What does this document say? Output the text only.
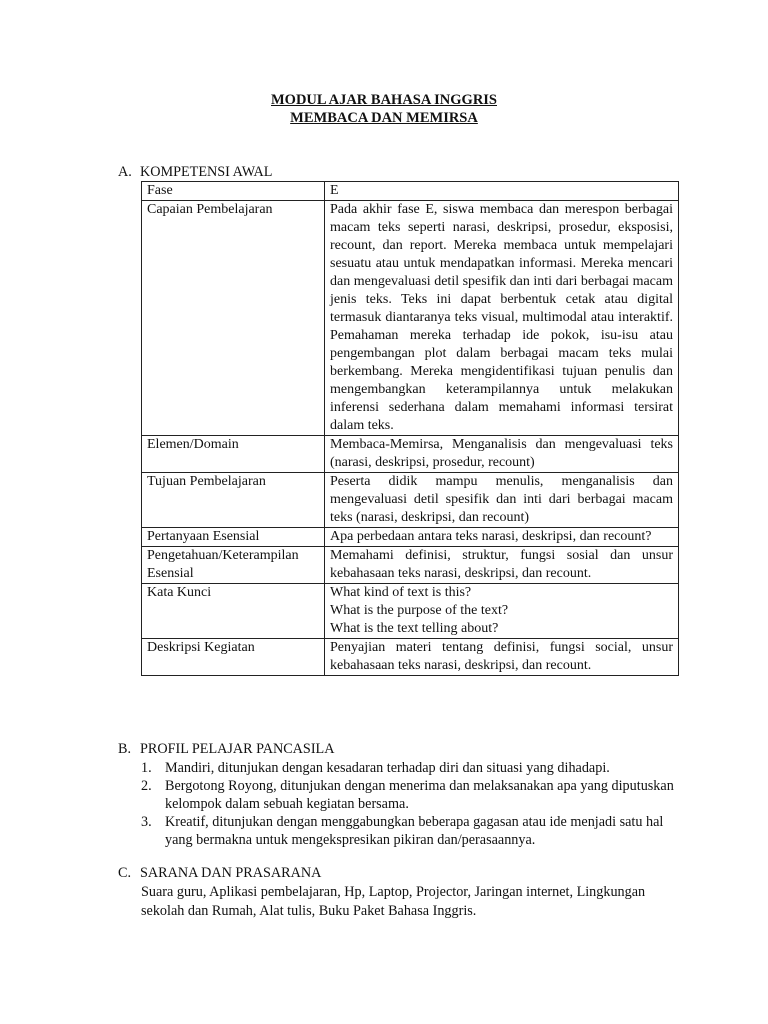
MODUL AJAR BAHASA INGGRIS
MEMBACA DAN MEMIRSA
A. KOMPETENSI AWAL
Fase	E

Capaian Pembelajaran	Pada akhir fase E, siswa membaca dan merespon berbagai macam teks seperti narasi, deskripsi, prosedur, eksposisi, recount, dan report. Mereka membaca untuk mempelajari sesuatu atau untuk mendapatkan informasi. Mereka mencari dan mengevaluasi detil spesifik dan inti dari berbagai macam jenis teks. Teks ini dapat berbentuk cetak atau digital termasuk diantaranya teks visual, multimodal atau interaktif. Pemahaman mereka terhadap ide pokok, isu-isu atau pengembangan plot dalam berbagai macam teks mulai berkembang. Mereka mengidentifikasi tujuan penulis dan mengembangkan keterampilannya untuk melakukan inferensi sederhana dalam memahami informasi tersirat dalam teks.

Elemen/Domain	Membaca-Memirsa, Menganalisis dan mengevaluasi teks (narasi, deskripsi, prosedur, recount)

Tujuan Pembelajaran	Peserta didik mampu menulis, menganalisis dan mengevaluasi detil spesifik dan inti dari berbagai macam teks (narasi, deskripsi, dan recount)

Pertanyaan Esensial	Apa perbedaan antara teks narasi, deskripsi, dan recount?

Pengetahuan/Keterampilan
Esensial	Memahami definisi, struktur, fungsi sosial dan unsur kebahasaan teks narasi, deskripsi, dan recount.

Kata Kunci	What kind of text is this?
What is the purpose of the text?
What is the text telling about?

Deskripsi Kegiatan	Penyajian materi tentang definisi, fungsi social, unsur kebahasaan teks narasi, deskripsi, dan recount.
B. PROFIL PELAJAR PANCASILA
1. Mandiri, ditunjukan dengan kesadaran terhadap diri dan situasi yang dihadapi.
2. Bergotong Royong, ditunjukan dengan menerima dan melaksanakan apa yang diputuskan kelompok dalam sebuah kegiatan bersama.
3. Kreatif, ditunjukan dengan menggabungkan beberapa gagasan atau ide menjadi satu hal yang bermakna untuk mengekspresikan pikiran dan/perasaannya.
C. SARANA DAN PRASARANA
Suara guru, Aplikasi pembelajaran, Hp, Laptop, Projector, Jaringan internet, Lingkungan sekolah dan Rumah, Alat tulis, Buku Paket Bahasa Inggris.
